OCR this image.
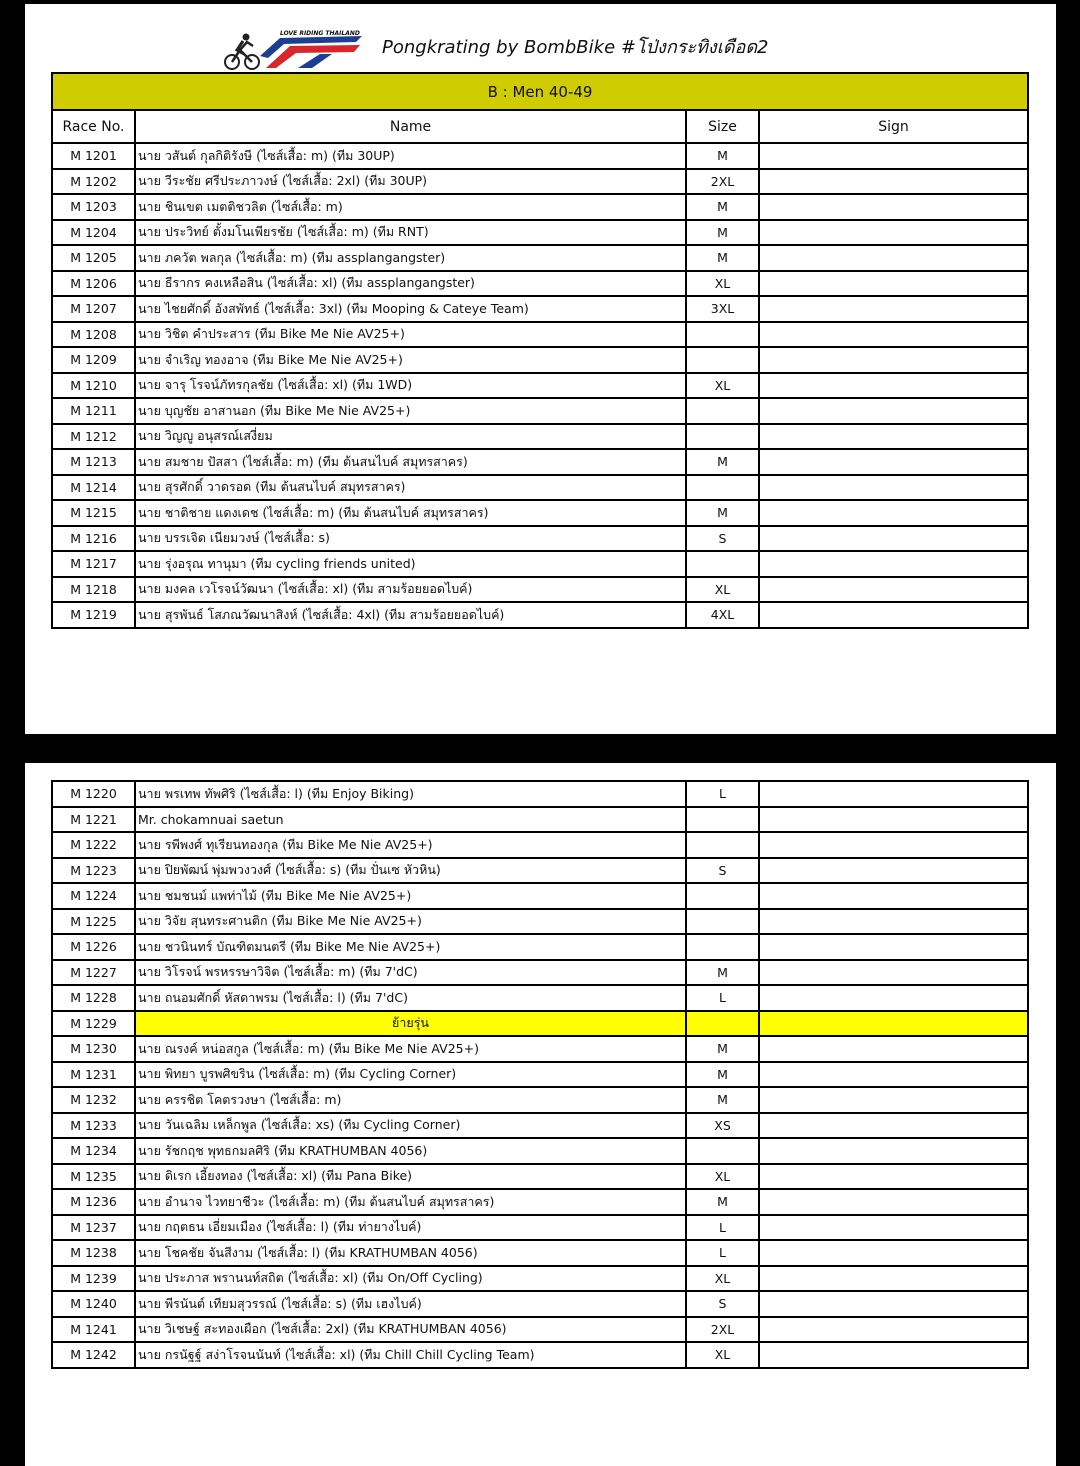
LOVE RIDING THAILAND
Pongkrating by BombBike #โป่งกระทิงเดือด2
B : Men 40-49			
Race No.	Name	Size	Sign
M 1201	นาย วสันต์ กุลกิติรังษี (ไซส์เสื้อ: m) (ทีม 30UP)	M	
M 1202	นาย วีระชัย ศรีประภาวงษ์ (ไซส์เสื้อ: 2xl) (ทีม 30UP)	2XL	
M 1203	นาย ชินเขต เมตติชวลิต (ไซส์เสื้อ: m)	M	
M 1204	นาย ประวิทย์ ตั้งมโนเพียรชัย (ไซส์เสื้อ: m) (ทีม RNT)	M	
M 1205	นาย ภควัต พลกุล (ไซส์เสื้อ: m) (ทีม assplangangster)	M	
M 1206	นาย ธีรากร คงเหลือสิน (ไซส์เสื้อ: xl) (ทีม assplangangster)	XL	
M 1207	นาย ไชยศักดิ์ อังสพัทธ์ (ไซส์เสื้อ: 3xl) (ทีม Mooping & Cateye Team)	3XL	
M 1208	นาย วิชิต คำประสาร (ทีม Bike Me Nie AV25+)		
M 1209	นาย จำเริญ ทองอาจ (ทีม Bike Me Nie AV25+)		
M 1210	นาย จารุ โรจน์ภัทรกุลชัย (ไซส์เสื้อ: xl) (ทีม 1WD)	XL	
M 1211	นาย บุญชัย อาสานอก (ทีม Bike Me Nie AV25+)		
M 1212	นาย วิญญู อนุสรณ์เสงี่ยม		
M 1213	นาย สมชาย ปัสสา (ไซส์เสื้อ: m) (ทีม ต้นสนไบค์ สมุทรสาคร)	M	
M 1214	นาย สุรศักดิ์ วาดรอด (ทีม ต้นสนไบค์ สมุทรสาคร)		
M 1215	นาย ชาติชาย แดงเดช (ไซส์เสื้อ: m) (ทีม ต้นสนไบค์ สมุทรสาคร)	M	
M 1216	นาย บรรเจิด เนียมวงษ์ (ไซส์เสื้อ: s)	S	
M 1217	นาย รุ่งอรุณ ทานุมา (ทีม cycling friends united)		
M 1218	นาย มงคล เวโรจน์วัฒนา (ไซส์เสื้อ: xl) (ทีม สามร้อยยอดไบค์)	XL	
M 1219	นาย สุรพันธ์ โสภณวัฒนาสิงห์ (ไซส์เสื้อ: 4xl) (ทีม สามร้อยยอดไบค์)	4XL	
M 1220	นาย พรเทพ ทัพศิริ (ไซส์เสื้อ: l) (ทีม Enjoy Biking)	L	
M 1221	Mr. chokamnuai saetun		
M 1222	นาย รพีพงศ์ ทุเรียนทองกุล (ทีม Bike Me Nie AV25+)		
M 1223	นาย ปิยพัฒน์ พุ่มพวงวงศ์ (ไซส์เสื้อ: s) (ทีม ปั่นเซ หัวหิน)	S	
M 1224	นาย ชมชนม์ แพท่าไม้ (ทีม Bike Me Nie AV25+)		
M 1225	นาย วิจัย สุนทระศานติก (ทีม Bike Me Nie AV25+)		
M 1226	นาย ชวนินทร์ บัณฑิตมนตรี (ทีม Bike Me Nie AV25+)		
M 1227	นาย วิโรจน์ พรหรรษาวิจิต (ไซส์เสื้อ: m) (ทีม 7'dC)	M	
M 1228	นาย ถนอมศักดิ์ หัสดาพรม (ไซส์เสื้อ: l) (ทีม 7'dC)	L	
M 1229	ย้ายรุ่น		
M 1230	นาย ณรงค์ หน่อสกูล (ไซส์เสื้อ: m) (ทีม Bike Me Nie AV25+)	M	
M 1231	นาย พิทยา บูรพศิขริน (ไซส์เสื้อ: m) (ทีม Cycling Corner)	M	
M 1232	นาย ครรชิต โคตรวงษา (ไซส์เสื้อ: m)	M	
M 1233	นาย วันเฉลิม เหล็กพูล (ไซส์เสื้อ: xs) (ทีม Cycling Corner)	XS	
M 1234	นาย รัชกฤช พุทธกมลศิริ (ทีม KRATHUMBAN 4056)		
M 1235	นาย ดิเรก เอี้ยงทอง (ไซส์เสื้อ: xl) (ทีม Pana Bike)	XL	
M 1236	นาย อำนาจ ไวทยาชีวะ (ไซส์เสื้อ: m) (ทีม ต้นสนไบค์ สมุทรสาคร)	M	
M 1237	นาย กฤตธน เอี่ยมเมือง (ไซส์เสื้อ: l) (ทีม ท่ายางไบค์)	L	
M 1238	นาย โชคชัย จันสีงาม (ไซส์เสื้อ: l) (ทีม KRATHUMBAN 4056)	L	
M 1239	นาย ประภาส พรานนท์สถิต (ไซส์เสื้อ: xl) (ทีม On/Off Cycling)	XL	
M 1240	นาย พีรนันต์ เทียมสุวรรณ์ (ไซส์เสื้อ: s) (ทีม เฮงไบค์)	S	
M 1241	นาย วิเชษฐ์ สะทองเผือก (ไซส์เสื้อ: 2xl) (ทีม KRATHUMBAN 4056)	2XL	
M 1242	นาย กรนัฐฐ์ สง่าโรจนนันท์ (ไซส์เสื้อ: xl) (ทีม Chill Chill Cycling Team)	XL	
